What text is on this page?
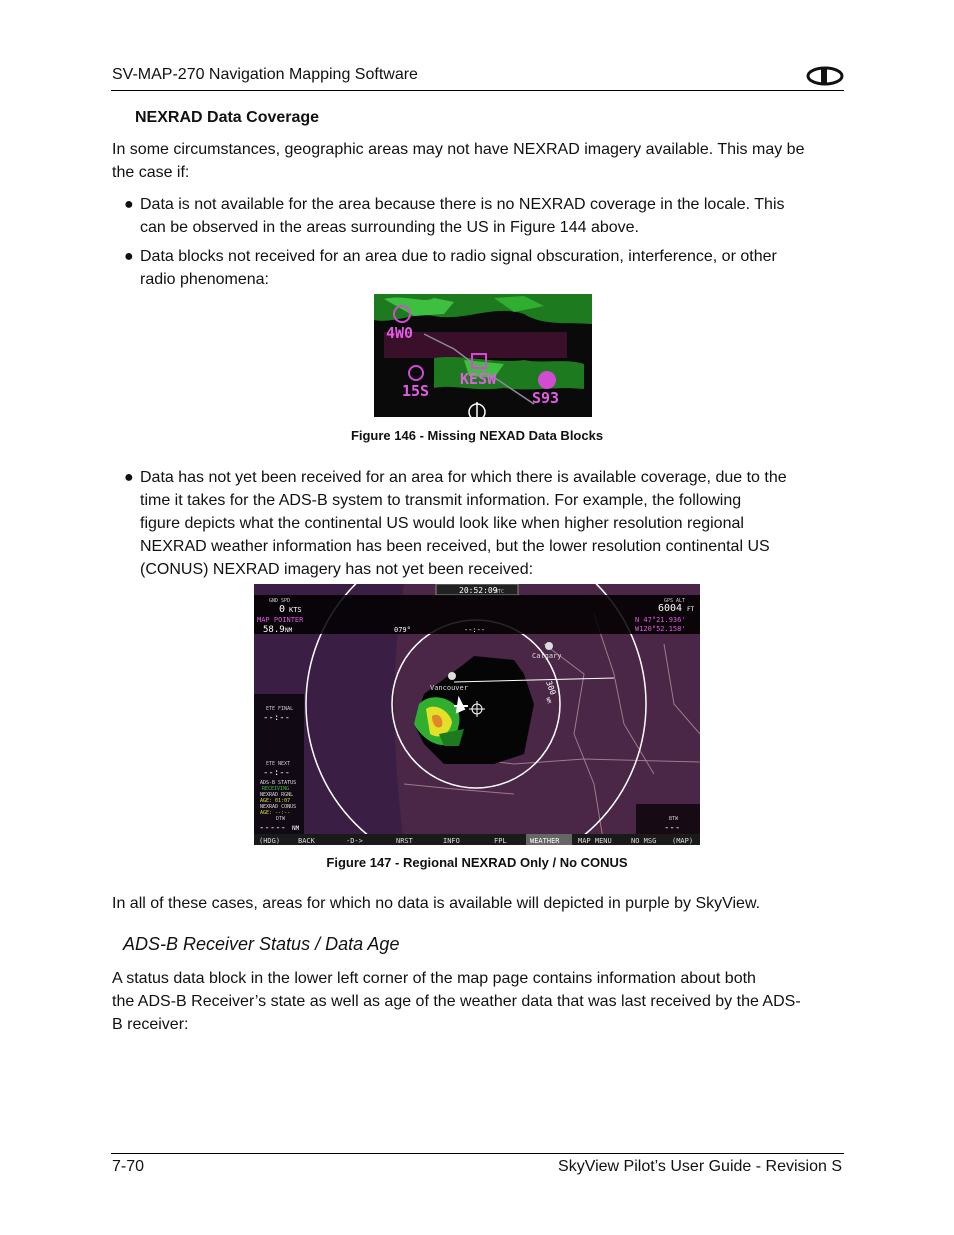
SV-MAP-270 Navigation Mapping Software
NEXRAD Data Coverage
In some circumstances, geographic areas may not have NEXRAD imagery available. This may be
the case if:
● Data is not available for the area because there is no NEXRAD coverage in the locale. This
can be observed in the areas surrounding the US in Figure 144 above.
● Data blocks not received for an area due to radio signal obscuration, interference, or other
radio phenomena:
4W0
15S
KESW
S93
Figure 146 - Missing NEXAD Data Blocks
● Data has not yet been received for an area for which there is available coverage, due to the
time it takes for the ADS-B system to transmit information. For example, the following
figure depicts what the continental US would look like when higher resolution regional
NEXRAD weather information has been received, but the lower resolution continental US
(CONUS) NEXRAD imagery has not yet been received:
20:52:09
UTC
GND SPD
0 KTS
MAP POINTER
58.9 NM	079°	--:--
GPS ALT
6004 FT
N 47°21.936'
W120°52.158'
Calgary
Vancouver	300
NM
ETE FINAL
--:--
ETE NEXT
--:--
ADS-B STATUS
RECEIVING
NEXRAD RGNL
AGE: 01:07
NEXRAD CONUS
AGE: --:--
DTW
----- NM
BTW
---
(HDG)	BACK	-D->	NRST	INFO	FPL	WEATHER	MAP MENU	NO MSG (MAP)
Figure 147 - Regional NEXRAD Only / No CONUS
In all of these cases, areas for which no data is available will depicted in purple by SkyView.
ADS-B Receiver Status / Data Age
A status data block in the lower left corner of the map page contains information about both
the ADS-B Receiver’s state as well as age of the weather data that was last received by the ADS-
B receiver:
7-70	SkyView Pilot’s User Guide - Revision S
